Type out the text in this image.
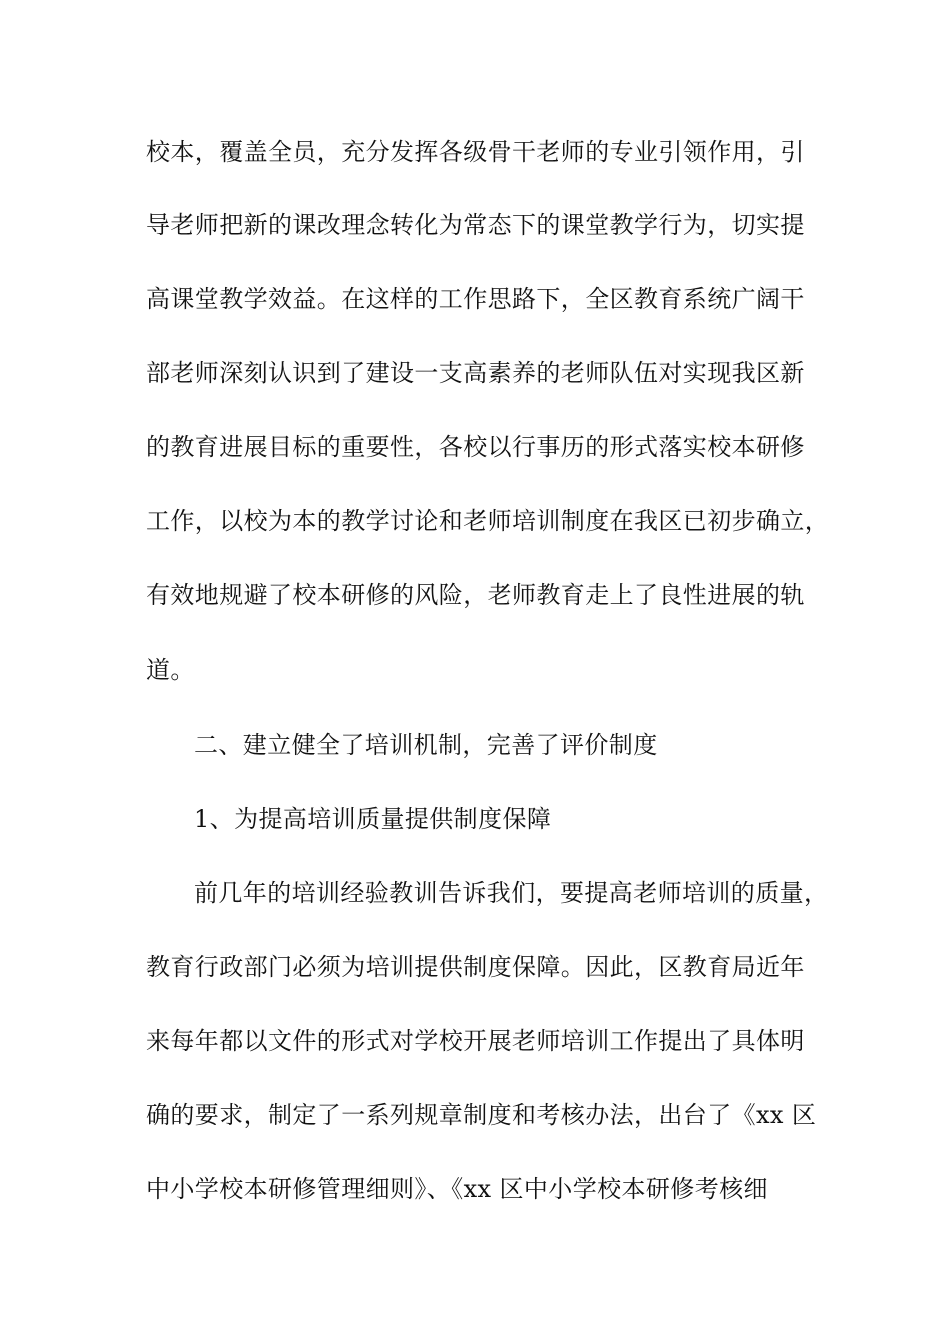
校本，覆盖全员，充分发挥各级骨干老师的专业引领作用，引
导老师把新的课改理念转化为常态下的课堂教学行为，切实提
高课堂教学效益。在这样的工作思路下，全区教育系统广阔干
部老师深刻认识到了建设一支高素养的老师队伍对实现我区新
的教育进展目标的重要性，各校以行事历的形式落实校本研修
工作，以校为本的教学讨论和老师培训制度在我区已初步确立，
有效地规避了校本研修的风险，老师教育走上了良性进展的轨
道。
二、建立健全了培训机制，完善了评价制度
1、为提高培训质量提供制度保障
前几年的培训经验教训告诉我们，要提高老师培训的质量，
教育行政部门必须为培训提供制度保障。因此，区教育局近年
来每年都以文件的形式对学校开展老师培训工作提出了具体明
确的要求，制定了一系列规章制度和考核办法，出台了《xx 区
中小学校本研修管理细则》、《xx 区中小学校本研修考核细
